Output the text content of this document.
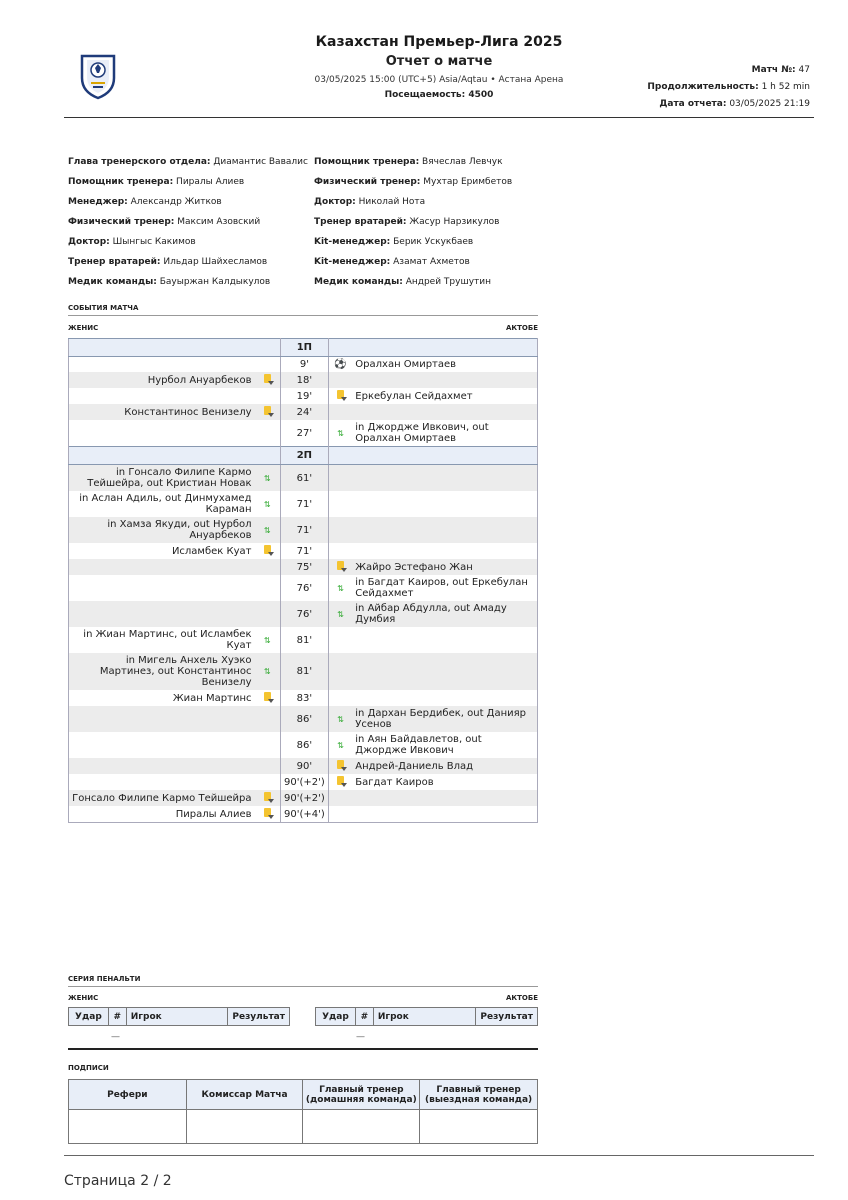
Казахстан Премьер-Лига 2025
Отчет о матче
03/05/2025 15:00 (UTC+5) Asia/Aqtau • Астана Арена
Посещаемость: 4500
Матч №: 47
Продолжительность: 1 h 52 min
Дата отчета: 03/05/2025 21:19
Глава тренерского отдела: Диамантис Вавалис
Помощник тренера: Пиралы Алиев
Менеджер: Александр Житков
Физический тренер: Максим Азовский
Доктор: Шынгыс Какимов
Тренер вратарей: Ильдар Шайхесламов
Медик команды: Бауыржан Калдыкулов
Помощник тренера: Вячеслав Левчук
Физический тренер: Мухтар Еримбетов
Доктор: Николай Нота
Тренер вратарей: Жасур Нарзикулов
Kit-менеджер: Берик Ускукбаев
Kit-менеджер: Азамат Ахметов
Медик команды: Андрей Трушутин
СОБЫТИЯ МАТЧА
ЖЕНИС	АКТОБЕ
		1П		
		9'	⚽	Оралхан Омиртаев
Нурбол Ануарбеков		18'		
		19'		Еркебулан Сейдахмет
Константинос Венизелу		24'		
		27'	⇅	in Джордже Ивкович, out Оралхан Омиртаев
		2П		
in Гонсало Филипе Кармо Тейшейра, out Кристиан Новак	⇅	61'		
in Аслан Адиль, out Динмухамед Караман	⇅	71'		
in Хамза Якуди, out Нурбол Ануарбеков	⇅	71'		
Исламбек Куат		71'		
		75'		Жайро Эстефано Жан
		76'	⇅	in Багдат Каиров, out Еркебулан Сейдахмет
		76'	⇅	in Айбар Абдулла, out Амаду Думбия
in Жиан Мартинс, out Исламбек Куат	⇅	81'		
in Мигель Анхель Хуэко Мартинез, out Константинос Венизелу	⇅	81'		
Жиан Мартинс		83'		
		86'	⇅	in Дархан Бердибек, out Данияр Усенов
		86'	⇅	in Аян Байдавлетов, out Джордже Ивкович
		90'		Андрей-Даниель Влад
		90'(+2')		Багдат Каиров
Гонсало Филипе Кармо Тейшейра		90'(+2')		
Пиралы Алиев		90'(+4')		
СЕРИЯ ПЕНАЛЬТИ
ЖЕНИС	АКТОБЕ
Удар	#	Игрок	Результат	Удар	#	Игрок	Результат
—	—
ПОДПИСИ
Рефери	Комиссар Матча	Главный тренер (домашняя команда)	Главный тренер (выездная команда)

Страница 2 / 2
